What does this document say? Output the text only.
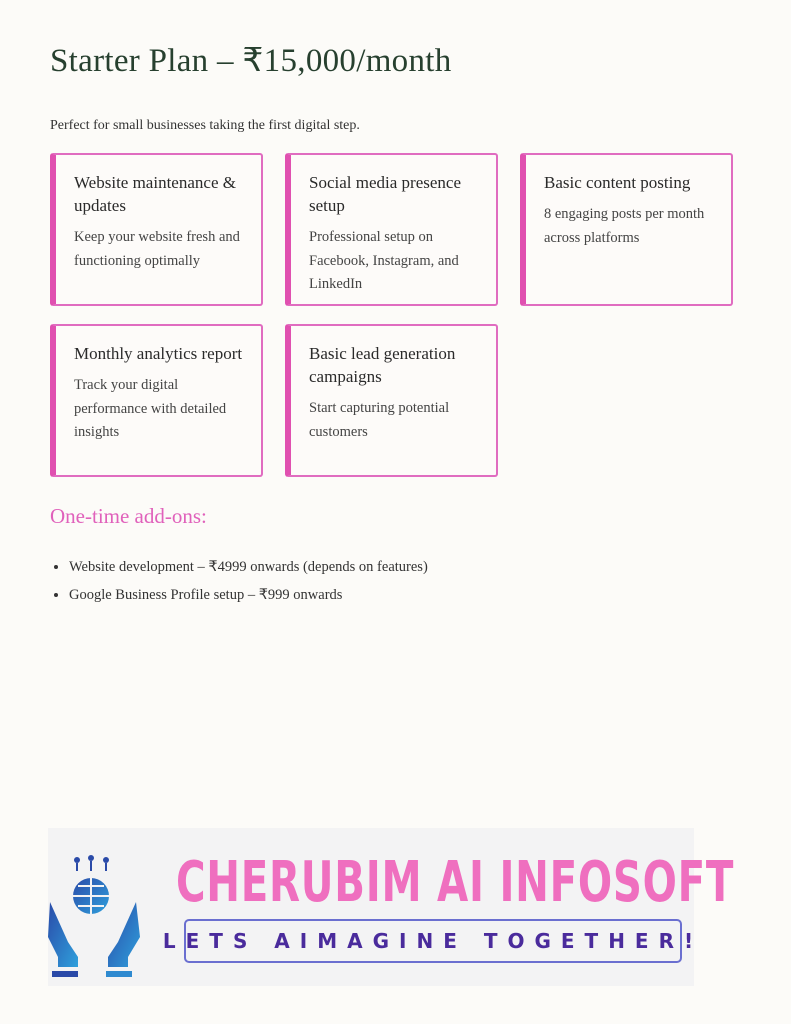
Starter Plan – ₹15,000/month
Perfect for small businesses taking the first digital step.
Website maintenance & updates

Keep your website fresh and functioning optimally

Social media presence setup

Professional setup on Facebook, Instagram, and LinkedIn

Basic content posting

8 engaging posts per month across platforms

Monthly analytics report

Track your digital performance with detailed insights

Basic lead generation campaigns

Start capturing potential customers

One-time add-ons:
• Website development – ₹4999 onwards (depends on features)
• Google Business Profile setup – ₹999 onwards
CHERUBIM AI INFOSOFT
LETS AIMAGINE TOGETHER!
